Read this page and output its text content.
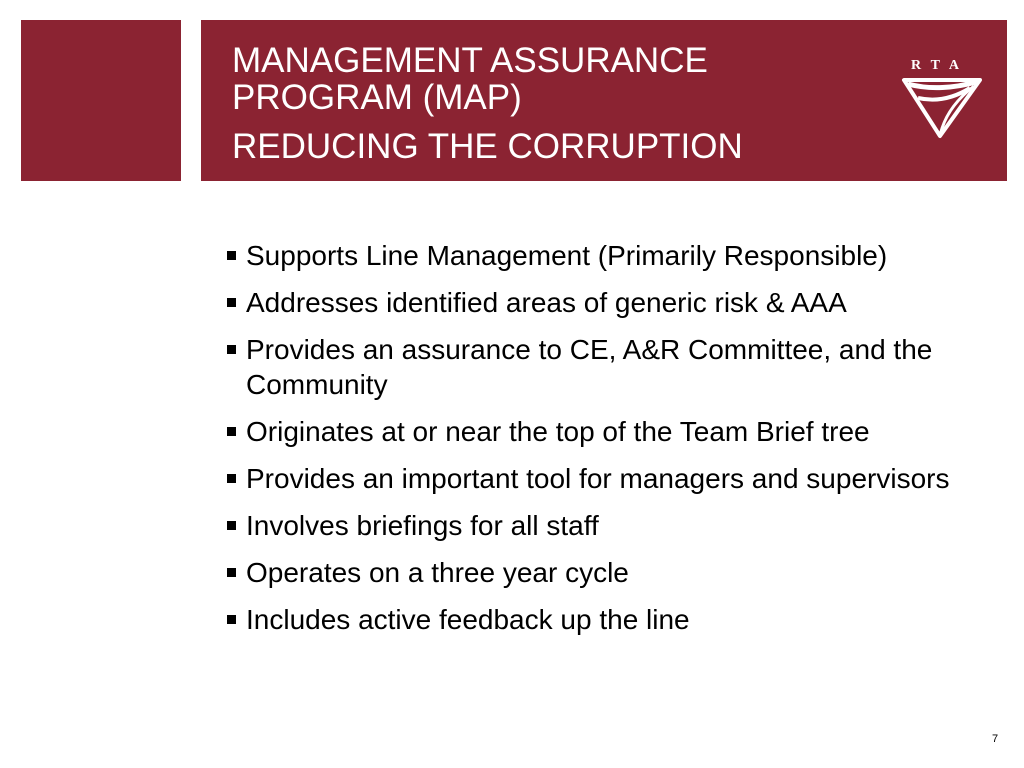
MANAGEMENT ASSURANCE
PROGRAM (MAP)
REDUCING THE CORRUPTION
RTA
Supports Line Management (Primarily Responsible)
Addresses identified areas of generic risk & AAA
Provides an assurance to CE, A&R Committee, and the Community
Originates at or near the top of the Team Brief tree
Provides an important tool for managers and supervisors
Involves briefings for all staff
Operates on a three year cycle
Includes active feedback up the line
7
